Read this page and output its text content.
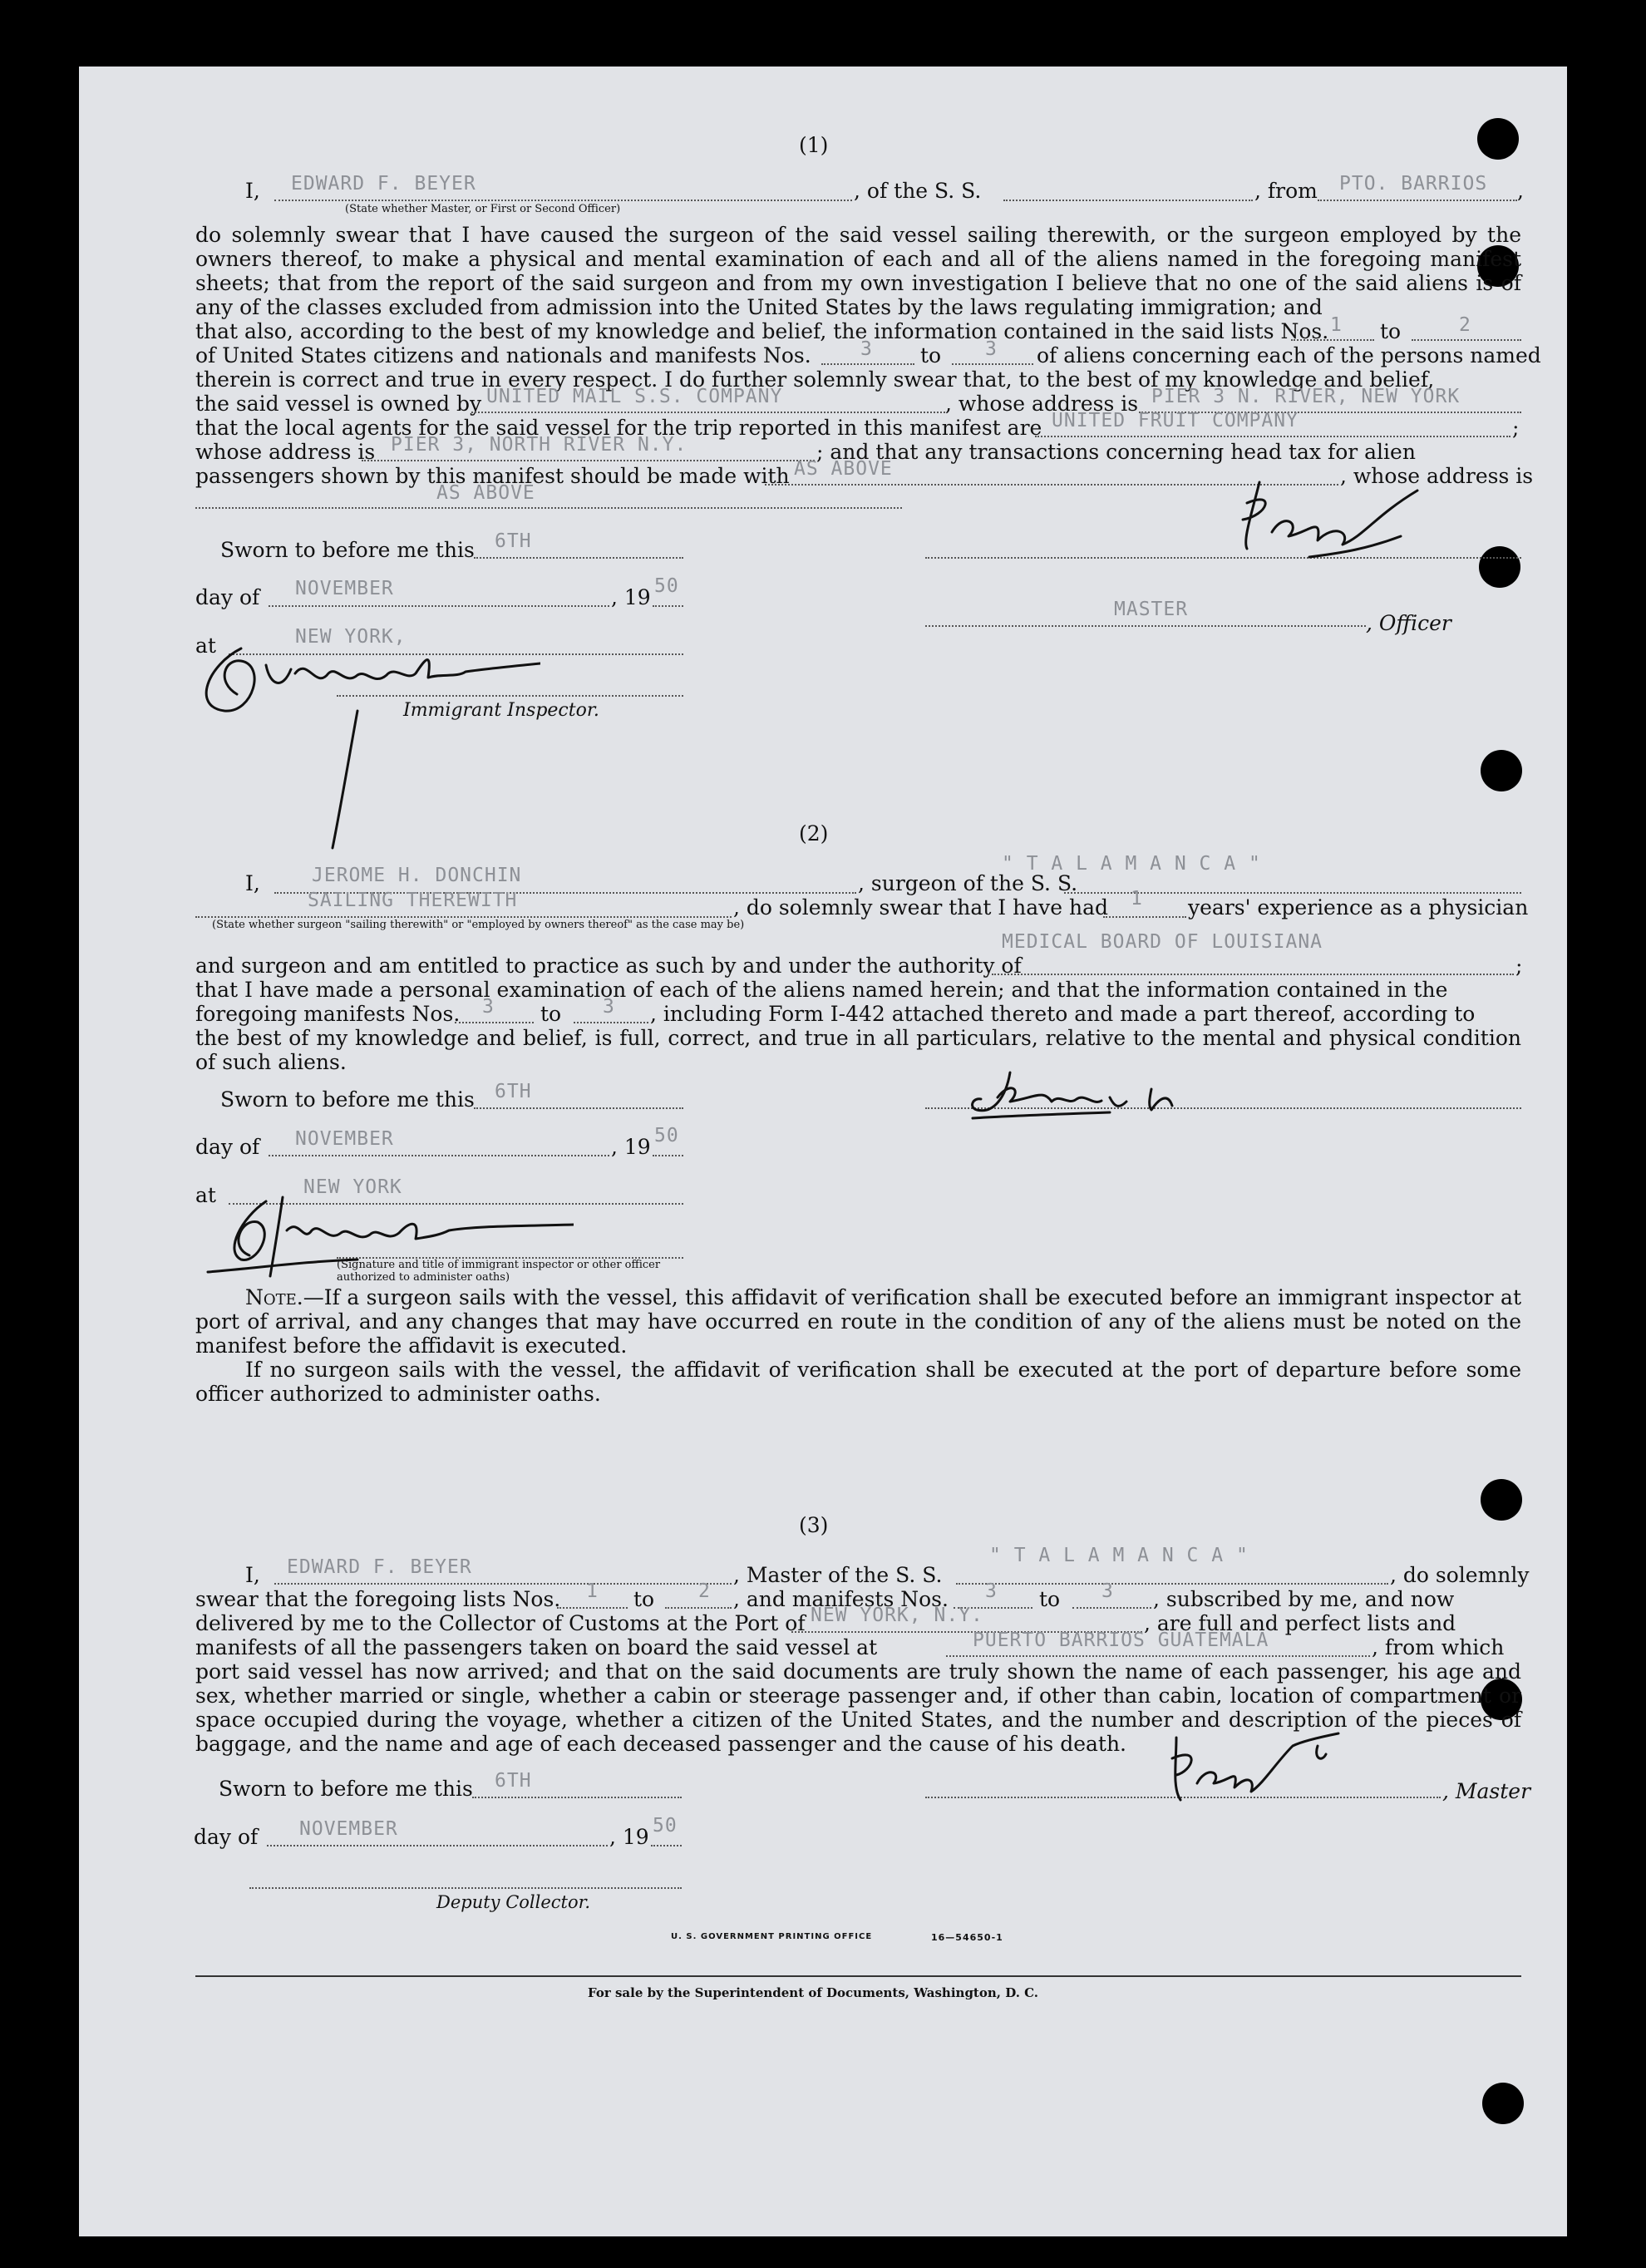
(1)
I, EDWARD F. BEYER
(State whether Master, or First or Second Officer)
, of the S. S.	, from PTO. BARRIOS ,
do solemnly swear that I have caused the surgeon of the said vessel sailing therewith, or the surgeon employed by the owners thereof, to make a physical and mental examination of each and all of the aliens named in the foregoing manifest sheets; that from the report of the said surgeon and from my own investigation I believe that no one of the said aliens is of any of the classes excluded from admission into the United States by the laws regulating immigration; and
that also, according to the best of my knowledge and belief, the information contained in the said lists Nos. 1 to	2
of United States citizens and nationals and manifests Nos.	3 to 3 of aliens concerning each of the persons named
therein is correct and true in every respect. I do further solemnly swear that, to the best of my knowledge and belief,
the said vessel is owned by UNITED MAIL S.S. COMPANY	, whose address is PIER 3 N. RIVER, NEW YORK
that the local agents for the said vessel for the trip reported in this manifest are UNITED FRUIT COMPANY	;
whose address is PIER 3, NORTH RIVER N.Y.	; and that any transactions concerning head tax for alien
passengers shown by this manifest should be made with AS ABOVE	, whose address is
AS ABOVE
Sworn to before me this 6TH
day of NOVEMBER	, 19 50
at	NEW YORK,
Immigrant Inspector.
MASTER
, Officer
(2)
I,	JEROME H. DONCHIN	, surgeon of the S. S.
" T A L A M A N C A "
SAILING THEREWITH	, do solemnly swear that I have had 1 years' experience as a physician
(State whether surgeon "sailing therewith" or "employed by owners thereof" as the case may be)
and surgeon and am entitled to practice as such by and under the authority of
MEDICAL BOARD OF LOUISIANA
;
that I have made a personal examination of each of the aliens named herein; and that the information contained in the
foregoing manifests Nos. 3 to 3 , including Form I-442 attached thereto and made a part thereof, according to
the best of my knowledge and belief, is full, correct, and true in all particulars, relative to the mental and physical condition of such aliens.
Sworn to before me this 6TH
day of NOVEMBER	, 19 50
at	NEW YORK
(Signature and title of immigrant inspector or other officer authorized to administer oaths)
Note.—If a surgeon sails with the vessel, this affidavit of verification shall be executed before an immigrant inspector at port of arrival, and any changes that may have occurred en route in the condition of any of the aliens must be noted on the manifest before the affidavit is executed.
If no surgeon sails with the vessel, the affidavit of verification shall be executed at the port of departure before some officer authorized to administer oaths.
(3)
I, EDWARD F. BEYER	, Master of the S. S.
" T A L A M A N C A "
, do solemnly
swear that the foregoing lists Nos. 1 to 2 , and manifests Nos. 3 to 3 , subscribed by me, and now
delivered by me to the Collector of Customs at the Port of NEW YORK, N.Y.	, are full and perfect lists and
manifests of all the passengers taken on board the said vessel at	PUERTO BARRIOS GUATEMALA	, from which
port said vessel has now arrived; and that on the said documents are truly shown the name of each passenger, his age and sex, whether married or single, whether a cabin or steerage passenger and, if other than cabin, location of compartment or space occupied during the voyage, whether a citizen of the United States, and the number and description of the pieces of baggage, and the name and age of each deceased passenger and the cause of his death.
Sworn to before me this 6TH
day of NOVEMBER	, 19 50
Deputy Collector.
, Master
U. S. GOVERNMENT PRINTING OFFICE	16—54650-1
For sale by the Superintendent of Documents, Washington, D. C.
